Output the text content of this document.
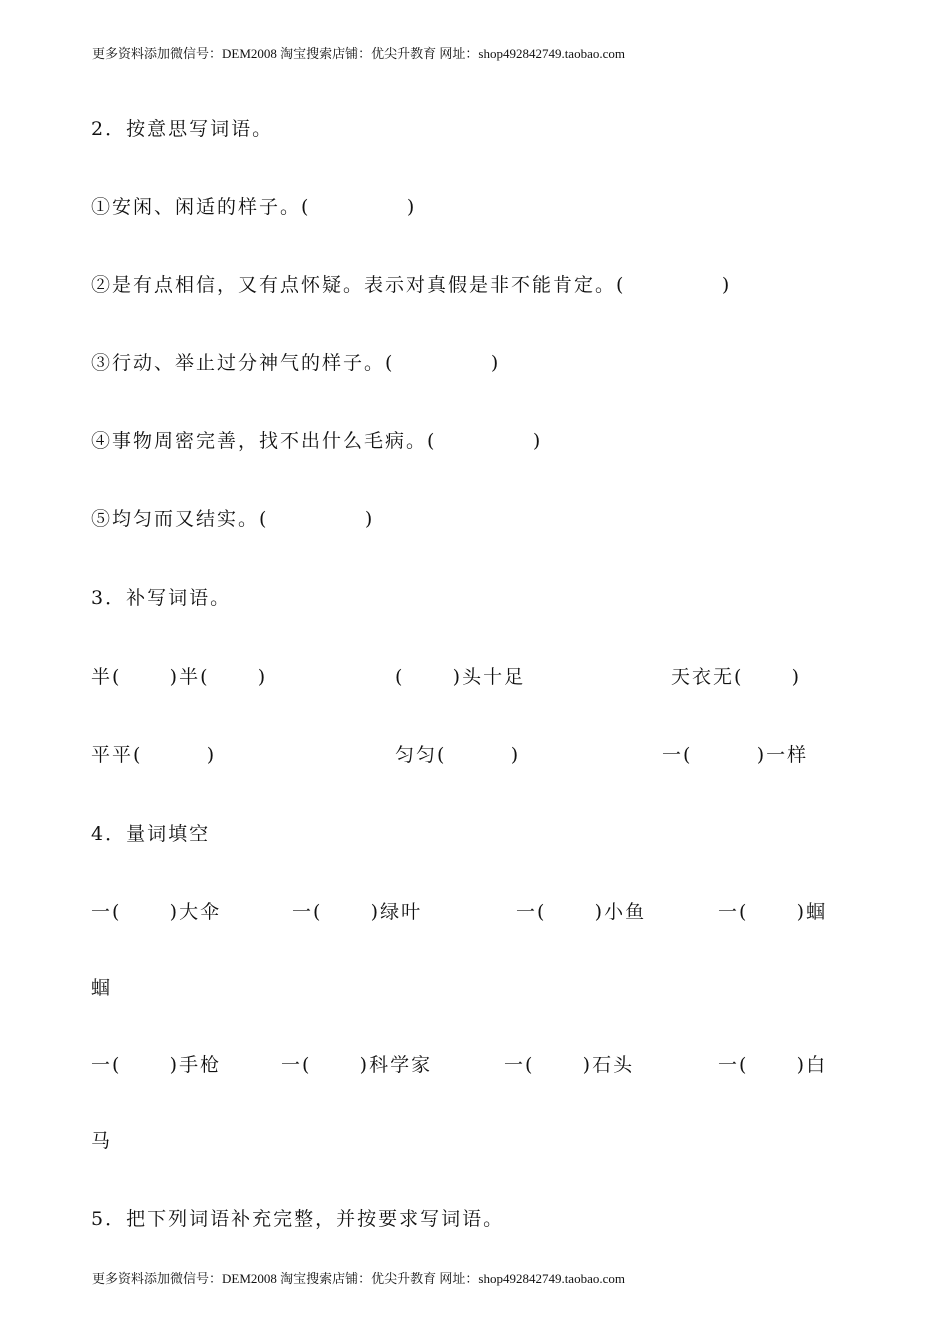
更多资料添加微信号：DEM2008 淘宝搜索店铺：优尖升教育 网址：shop492842749.taobao.com
2．按意思写词语。
①安闲、闲适的样子。(            )
②是有点相信，又有点怀疑。表示对真假是非不能肯定。(            )
③行动、举止过分神气的样子。(            )
④事物周密完善，找不出什么毛病。(            )
⑤均匀而又结实。(            )
3．补写词语。
半(      )半(      )	(      )头十足	天衣无(      )
平平(        )	匀匀(        )	一(        )一样
4．量词填空
一(      )大伞	一(      )绿叶	一(      )小鱼	一(      )蝈
蝈
一(      )手枪	一(      )科学家	一(      )石头	一(      )白
马
5．把下列词语补充完整，并按要求写词语。
更多资料添加微信号：DEM2008 淘宝搜索店铺：优尖升教育 网址：shop492842749.taobao.com
